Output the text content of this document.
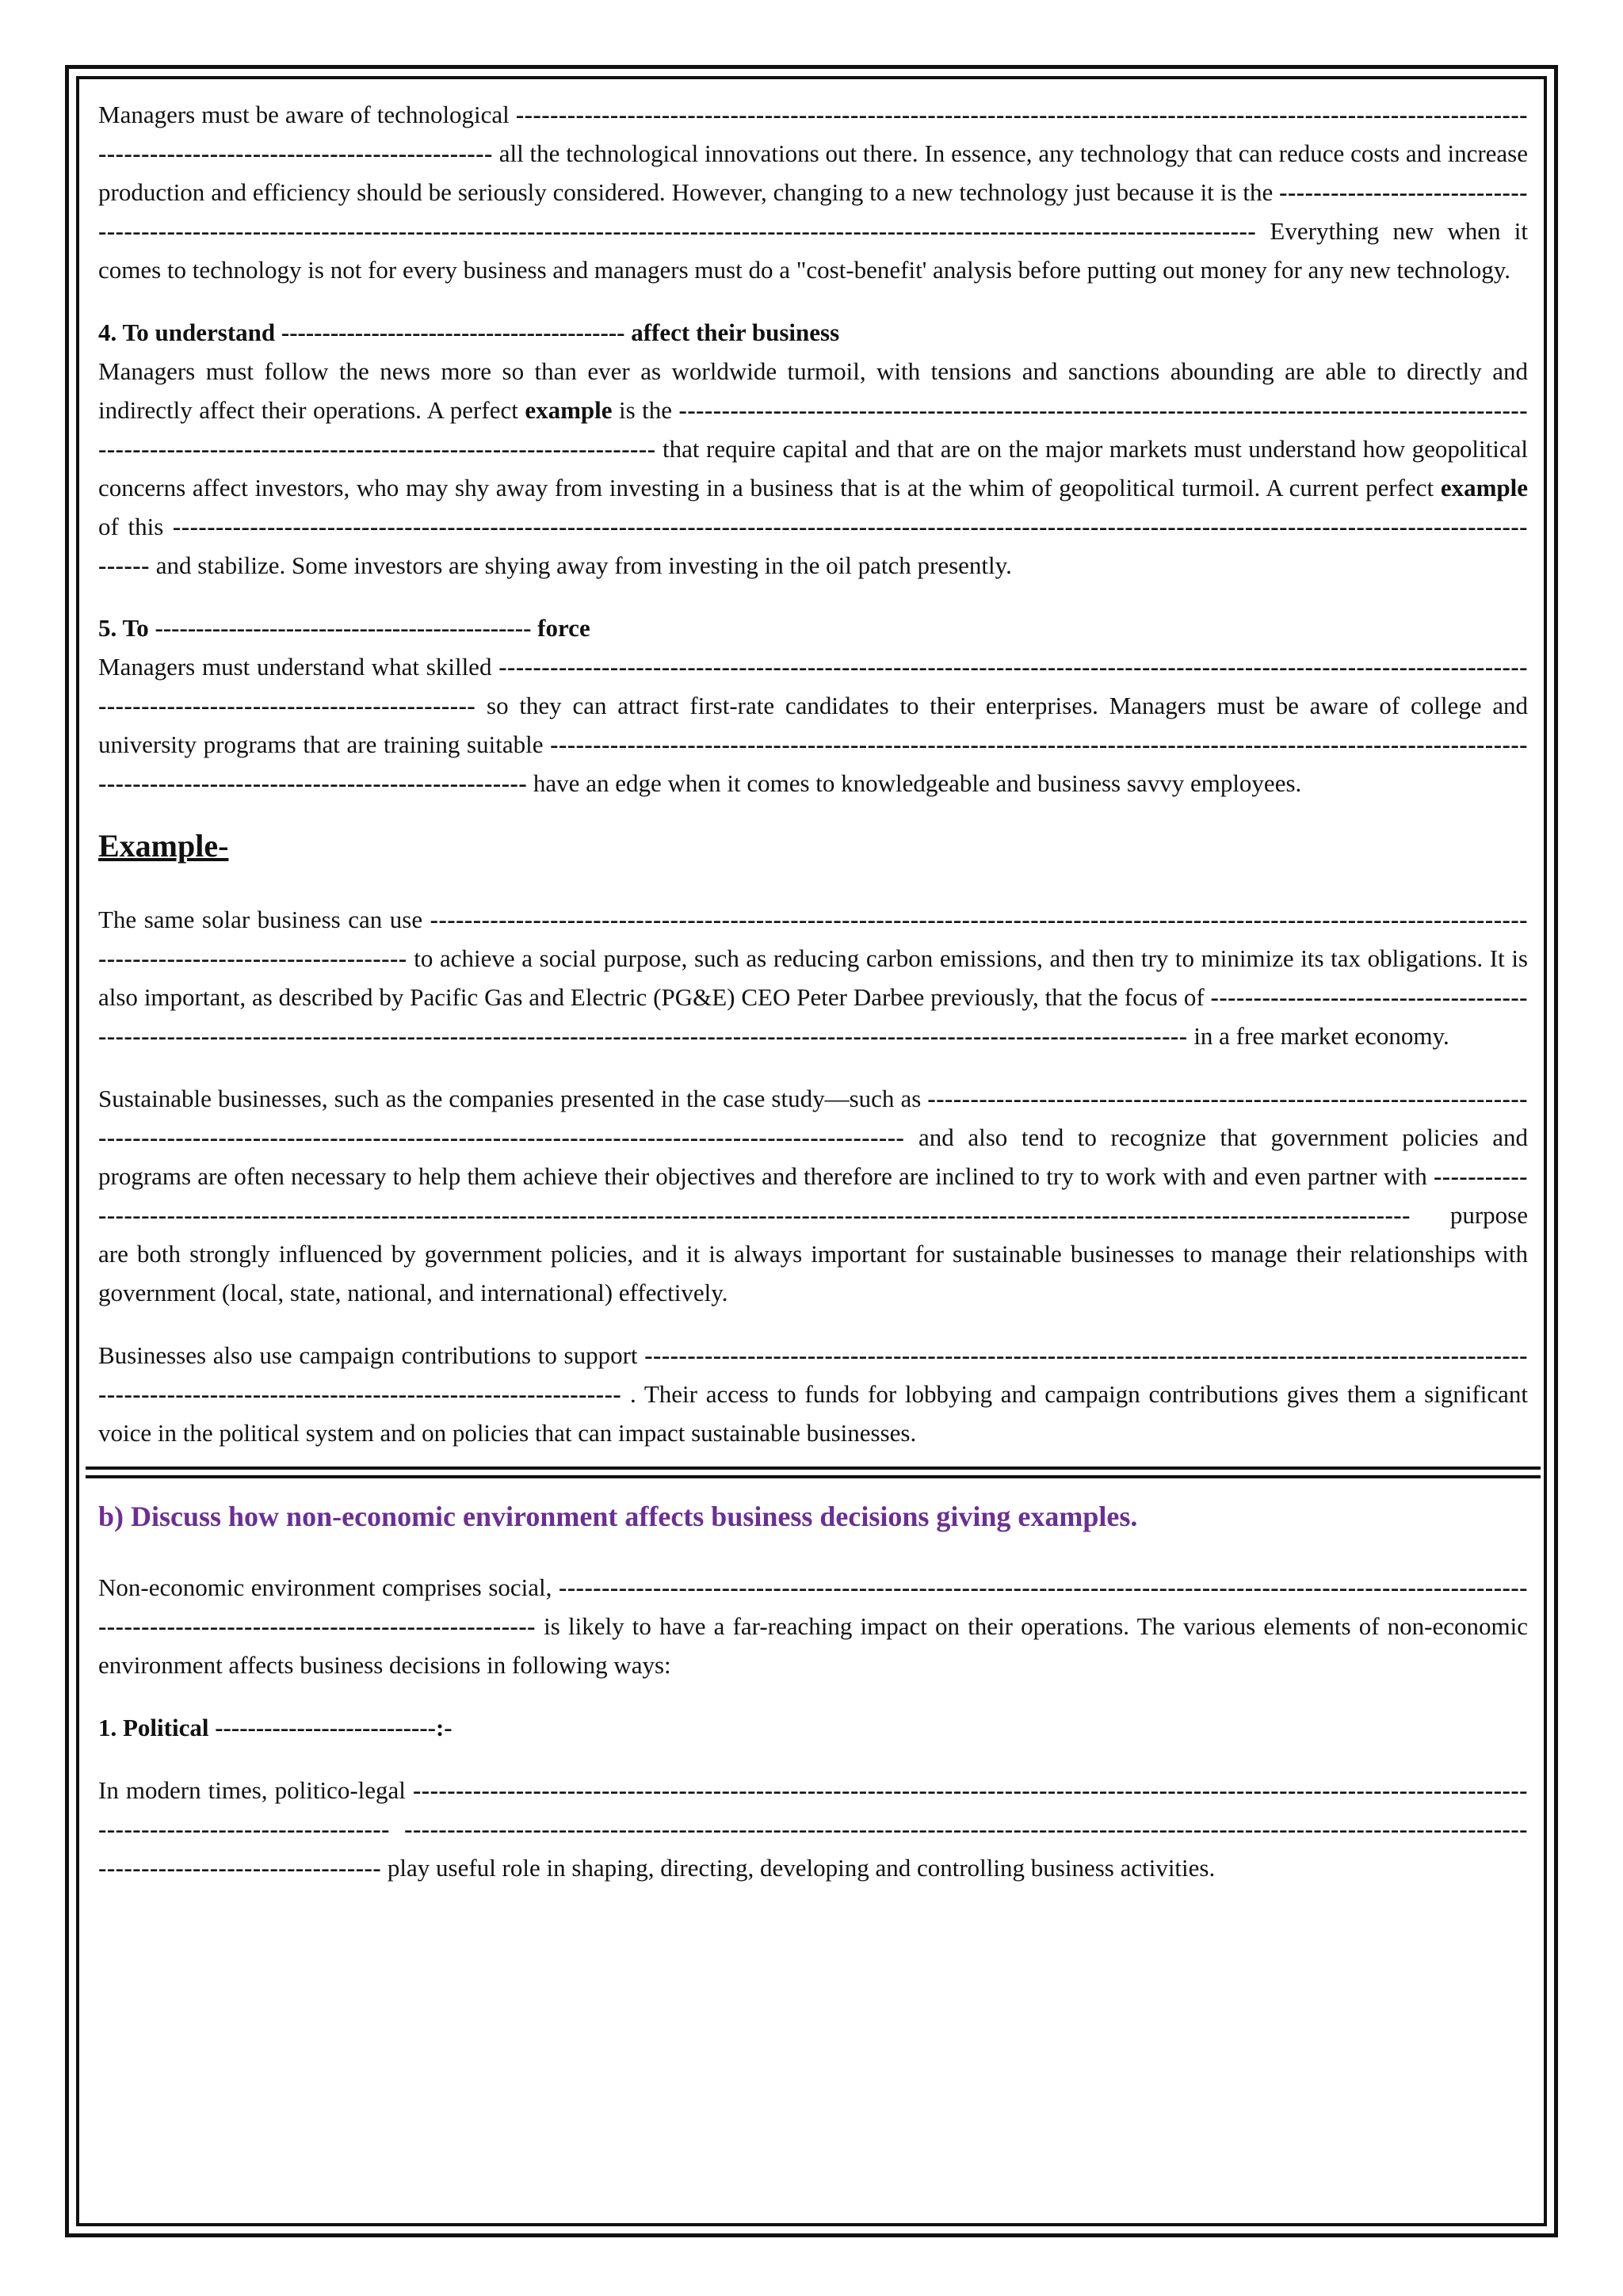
Managers must be aware of technological -------------------------------------------------------------------------------------------------------------------------------------------------------------------- all the technological innovations out there. In essence, any technology that can reduce costs and increase production and efficiency should be seriously considered. However, changing to a new technology just because it is the -------------------------------------------------------------------------------------------------------------------------------------------------------------------- Everything new when it comes to technology is not for every business and managers must do a "cost-benefit' analysis before putting out money for any new technology.

4. To understand ------------------------------------------ affect their business

Managers must follow the news more so than ever as worldwide turmoil, with tensions and sanctions abounding are able to directly and indirectly affect their operations. A perfect example is the -------------------------------------------------------------------------------------------------------------------------------------------------------------------- that require capital and that are on the major markets must understand how geopolitical concerns affect investors, who may shy away from investing in a business that is at the whim of geopolitical turmoil. A current perfect example of this -------------------------------------------------------------------------------------------------------------------------------------------------------------------- and stabilize. Some investors are shying away from investing in the oil patch presently.

5. To ---------------------------------------------- force

Managers must understand what skilled -------------------------------------------------------------------------------------------------------------------------------------------------------------------- so they can attract first-rate candidates to their enterprises. Managers must be aware of college and university programs that are training suitable -------------------------------------------------------------------------------------------------------------------------------------------------------------------- have an edge when it comes to knowledgeable and business savvy employees.

Example-

The same solar business can use -------------------------------------------------------------------------------------------------------------------------------------------------------------------- to achieve a social purpose, such as reducing carbon emissions, and then try to minimize its tax obligations. It is also important, as described by Pacific Gas and Electric (PG&E) CEO Peter Darbee previously, that the focus of -------------------------------------------------------------------------------------------------------------------------------------------------------------------- in a free market economy.

Sustainable businesses, such as the companies presented in the case study—such as -------------------------------------------------------------------------------------------------------------------------------------------------------------------- and also tend to recognize that government policies and programs are often necessary to help them achieve their objectives and therefore are inclined to try to work with and even partner with -------------------------------------------------------------------------------------------------------------------------------------------------------------------- purpose are both strongly influenced by government policies, and it is always important for sustainable businesses to manage their relationships with government (local, state, national, and international) effectively.

Businesses also use campaign contributions to support -------------------------------------------------------------------------------------------------------------------------------------------------------------------- . Their access to funds for lobbying and campaign contributions gives them a significant voice in the political system and on policies that can impact sustainable businesses.

b) Discuss how non-economic environment affects business decisions giving examples.

Non-economic environment comprises social, -------------------------------------------------------------------------------------------------------------------------------------------------------------------- is likely to have a far-reaching impact on their operations. The various elements of non-economic environment affects business decisions in following ways:

1. Political ---------------------------:-

In modern times, politico-legal -------------------------------------------------------------------------------------------------------------------------------------------------------------------- -------------------------------------------------------------------------------------------------------------------------------------------------------------------- play useful role in shaping, directing, developing and controlling business activities.
